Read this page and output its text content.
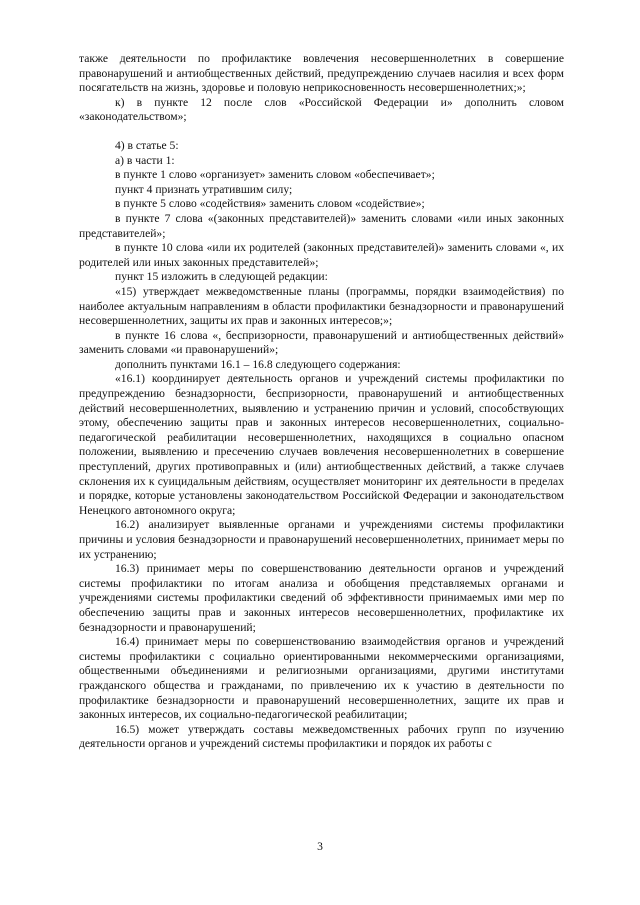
также деятельности по профилактике вовлечения несовершеннолетних в совершение правонарушений и антиобщественных действий, предупреждению случаев насилия и всех форм посягательств на жизнь, здоровье и половую неприкосновенность несовершеннолетних;»;

к) в пункте 12 после слов «Российской Федерации и» дополнить словом «законодательством»;

4) в статье 5:

а) в части 1:

в пункте 1 слово «организует» заменить словом «обеспечивает»;

пункт 4 признать утратившим силу;

в пункте 5 слово «содействия» заменить словом «содействие»;

в пункте 7 слова «(законных представителей)» заменить словами «или иных законных представителей»;

в пункте 10 слова «или их родителей (законных представителей)» заменить словами «, их родителей или иных законных представителей»;

пункт 15 изложить в следующей редакции:

«15) утверждает межведомственные планы (программы, порядки взаимодействия) по наиболее актуальным направлениям в области профилактики безнадзорности и правонарушений несовершеннолетних, защиты их прав и законных интересов;»;

в пункте 16 слова «, беспризорности, правонарушений и антиобщественных действий» заменить словами «и правонарушений»;

дополнить пунктами 16.1 – 16.8 следующего содержания:

«16.1) координирует деятельность органов и учреждений системы профилактики по предупреждению безнадзорности, беспризорности, правонарушений и антиобщественных действий несовершеннолетних, выявлению и устранению причин и условий, способствующих этому, обеспечению защиты прав и законных интересов несовершеннолетних, социально-педагогической реабилитации несовершеннолетних, находящихся в социально опасном положении, выявлению и пресечению случаев вовлечения несовершеннолетних в совершение преступлений, других противоправных и (или) антиобщественных действий, а также случаев склонения их к суицидальным действиям, осуществляет мониторинг их деятельности в пределах и порядке, которые установлены законодательством Российской Федерации и законодательством Ненецкого автономного округа;

16.2) анализирует выявленные органами и учреждениями системы профилактики причины и условия безнадзорности и правонарушений несовершеннолетних, принимает меры по их устранению;

16.3) принимает меры по совершенствованию деятельности органов и учреждений системы профилактики по итогам анализа и обобщения представляемых органами и учреждениями системы профилактики сведений об эффективности принимаемых ими мер по обеспечению защиты прав и законных интересов несовершеннолетних, профилактике их безнадзорности и правонарушений;

16.4) принимает меры по совершенствованию взаимодействия органов и учреждений системы профилактики с социально ориентированными некоммерческими организациями, общественными объединениями и религиозными организациями, другими институтами гражданского общества и гражданами, по привлечению их к участию в деятельности по профилактике безнадзорности и правонарушений несовершеннолетних, защите их прав и законных интересов, их социально-педагогической реабилитации;

16.5) может утверждать составы межведомственных рабочих групп по изучению деятельности органов и учреждений системы профилактики и порядок их работы с

3
